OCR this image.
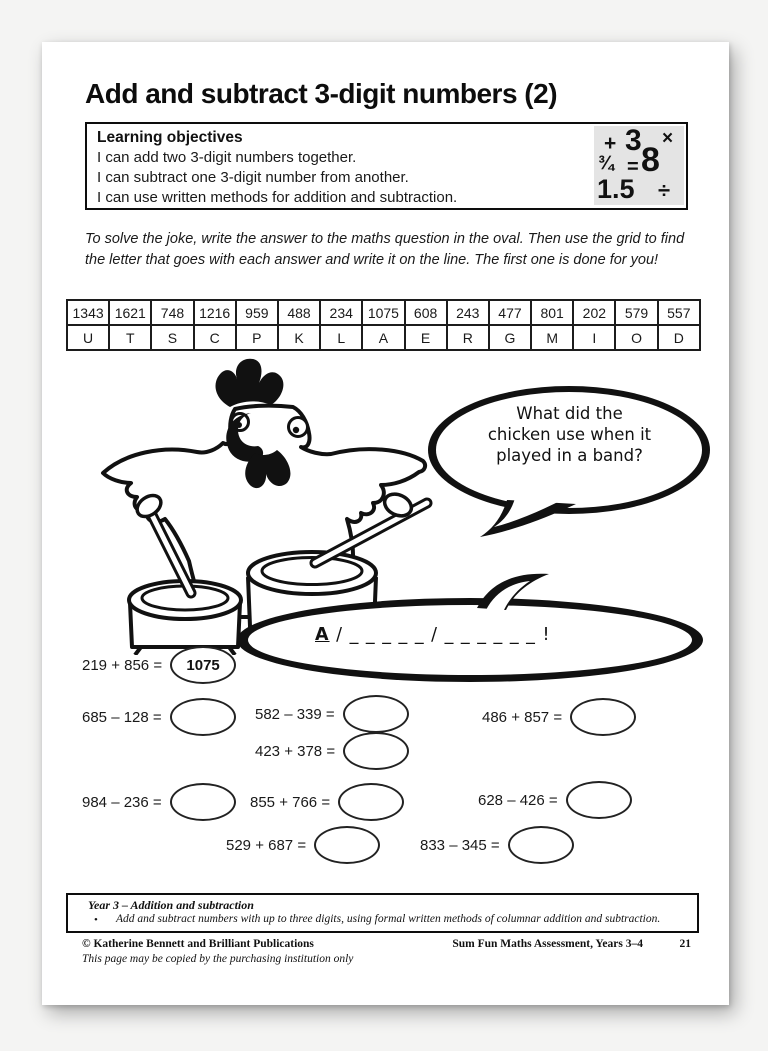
Add and subtract 3-digit numbers (2)
Learning objectives
I can add two 3-digit numbers together.
I can subtract one 3-digit number from another.
I can use written methods for addition and subtraction.
+ 3 ×
¾ = 8
1.5 ÷
To solve the joke, write the answer to the maths question in the oval. Then use the grid to find the letter that goes with each answer and write it on the line. The first one is done for you!
1343	1621	748	1216	959	488	234	1075	608	243	477	801	202	579	557
U	T	S	C	P	K	L	A	E	R	G	M	I	O	D
What did the
chicken use when it
played in a band?
A / _ _ _ _ _ / _ _ _ _ _ _ !
219 + 856 =	1075
685 – 128 =	582 – 339 =	486 + 857 =
423 + 378 =
984 – 236 =	855 + 766 =	628 – 426 =
529 + 687 =	833 – 345 =
Year 3 – Addition and subtraction
• Add and subtract numbers with up to three digits, using formal written methods of columnar addition and subtraction.
© Katherine Bennett and Brilliant Publications
This page may be copied by the purchasing institution only
Sum Fun Maths Assessment, Years 3–4	21
